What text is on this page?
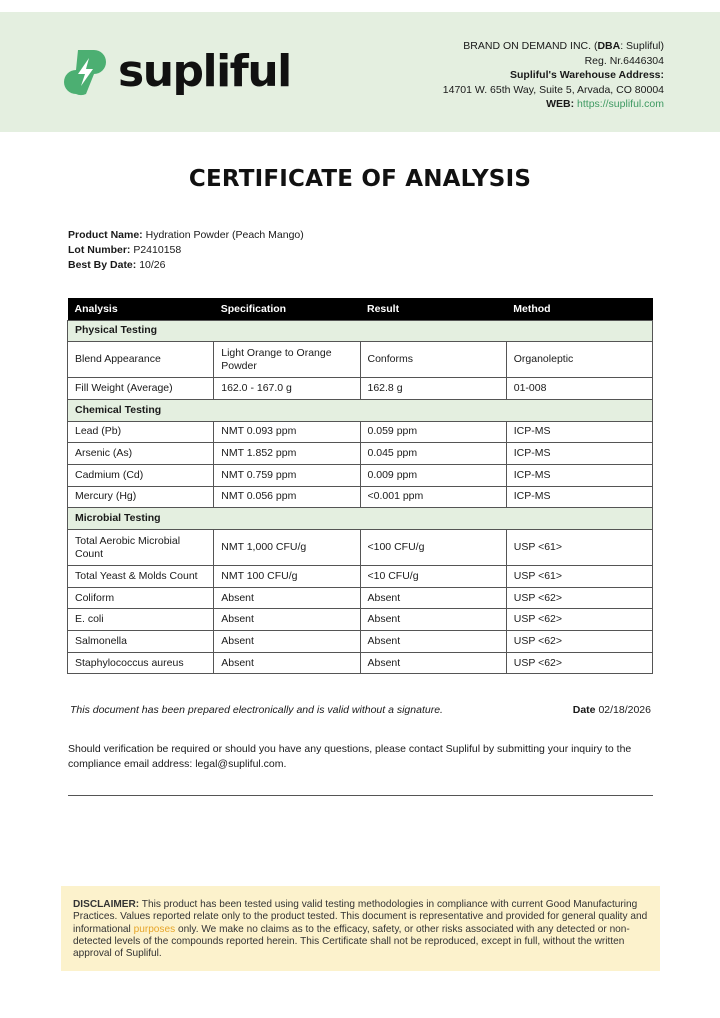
supliful	BRAND ON DEMAND INC. (DBA: Supliful)
Reg. Nr.6446304
Supliful's Warehouse Address:
14701 W. 65th Way, Suite 5, Arvada, CO 80004
WEB: https://supliful.com
CERTIFICATE OF ANALYSIS
Product Name: Hydration Powder (Peach Mango)
Lot Number: P2410158
Best By Date: 10/26
Analysis	Specification	Result	Method
Physical Testing			
Blend Appearance	Light Orange to Orange Powder	Conforms	Organoleptic
Fill Weight (Average)	162.0 - 167.0 g	162.8 g	01-008
Chemical Testing			
Lead (Pb)	NMT 0.093 ppm	0.059 ppm	ICP-MS
Arsenic (As)	NMT 1.852 ppm	0.045 ppm	ICP-MS
Cadmium (Cd)	NMT 0.759 ppm	0.009 ppm	ICP-MS
Mercury (Hg)	NMT 0.056 ppm	<0.001 ppm	ICP-MS
Microbial Testing			
Total Aerobic Microbial Count	NMT 1,000 CFU/g	<100 CFU/g	USP <61>
Total Yeast & Molds Count	NMT 100 CFU/g	<10 CFU/g	USP <61>
Coliform	Absent	Absent	USP <62>
E. coli	Absent	Absent	USP <62>
Salmonella	Absent	Absent	USP <62>
Staphylococcus aureus	Absent	Absent	USP <62>
This document has been prepared electronically and is valid without a signature.	Date 02/18/2026
Should verification be required or should you have any questions, please contact Supliful by submitting your inquiry to the compliance email address: legal@supliful.com.
DISCLAIMER: This product has been tested using valid testing methodologies in compliance with current Good Manufacturing Practices. Values reported relate only to the product tested. This document is representative and provided for general quality and informational purposes only. We make no claims as to the efficacy, safety, or other risks associated with any detected or non-detected levels of the compounds reported herein. This Certificate shall not be reproduced, except in full, without the written approval of Supliful.
